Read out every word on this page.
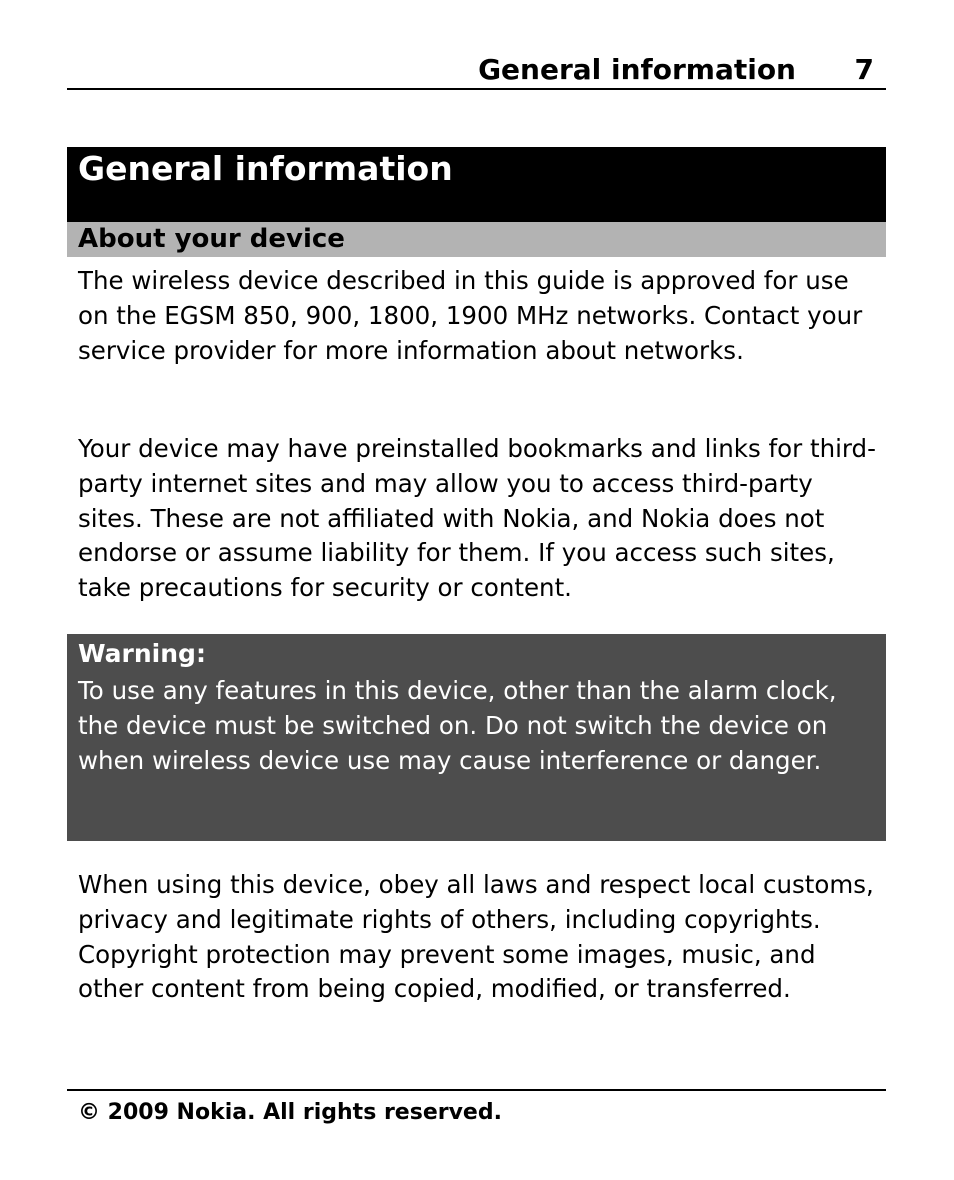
General information 7
General information
About your device

The wireless device described in this guide is approved for use on the EGSM 850, 900, 1800, 1900 MHz networks. Contact your service provider for more information about networks.

Your device may have preinstalled bookmarks and links for third-party internet sites and may allow you to access third-party sites. These are not affiliated with Nokia, and Nokia does not endorse or assume liability for them. If you access such sites, take precautions for security or content.

Warning:

To use any features in this device, other than the alarm clock, the device must be switched on. Do not switch the device on when wireless device use may cause interference or danger.

When using this device, obey all laws and respect local customs, privacy and legitimate rights of others, including copyrights. Copyright protection may prevent some images, music, and other content from being copied, modified, or transferred.

© 2009 Nokia. All rights reserved.
